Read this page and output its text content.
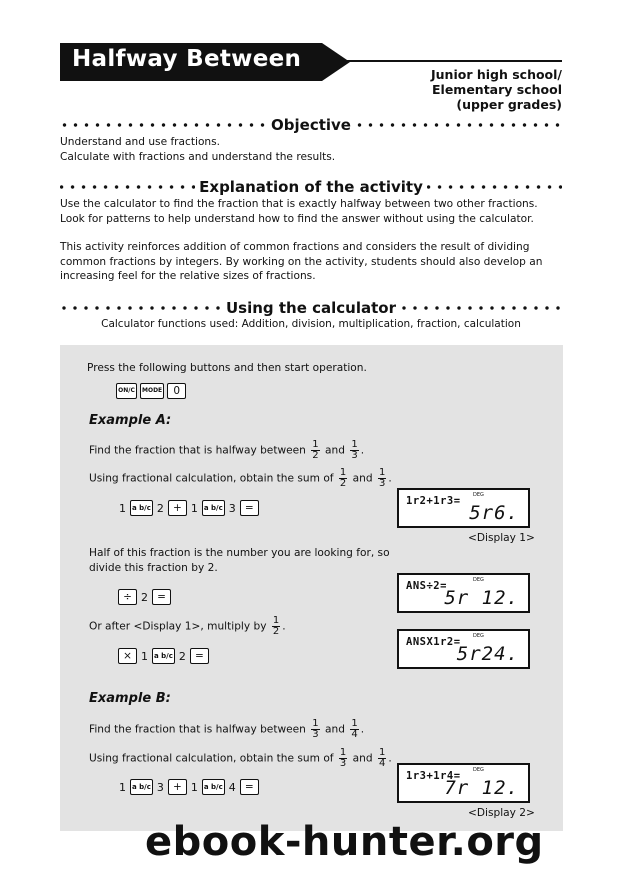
Halfway Between
Junior high school/
Elementary school
(upper grades)
Objective

Understand and use fractions.

Calculate with fractions and understand the results.

Explanation of the activity

Use the calculator to find the fraction that is exactly halfway between two other fractions.

Look for patterns to help understand how to find the answer without using the calculator.

This activity reinforces addition of common fractions and considers the result of dividing

common fractions by integers. By working on the activity, students should also develop an

increasing feel for the relative sizes of fractions.

Using the calculator
Calculator functions used: Addition, division, multiplication, fraction, calculation
Press the following buttons and then start operation.
ON/C	MODE	0
Example A:
Find the fraction that is halfway between $\frac{1}{2}$ and $\frac{1}{3}$ .
Using fractional calculation, obtain the sum of $\frac{1}{2}$ and $\frac{1}{3}$ .
1 a b/c 2 + 1 a b/c 3 =
1r2+1r3= DEG
5r6.
<Display 1>
Half of this fraction is the number you are looking for, so
divide this fraction by 2.
÷ 2 =
ANS÷2=	DEG
5r 12.
Or after <Display 1>, multiply by $\frac{1}{2}$ .
× 1 a b/c 2 =
ANSX1r2= DEG
5r24.
Example B:
Find the fraction that is halfway between $\frac{1}{3}$ and $\frac{1}{4}$ .
Using fractional calculation, obtain the sum of $\frac{1}{3}$ and $\frac{1}{4}$ .
1 a b/c 3 + 1 a b/c 4 =
1r3+1r4= DEG
7r 12.
<Display 2>
ebook-hunter.org
